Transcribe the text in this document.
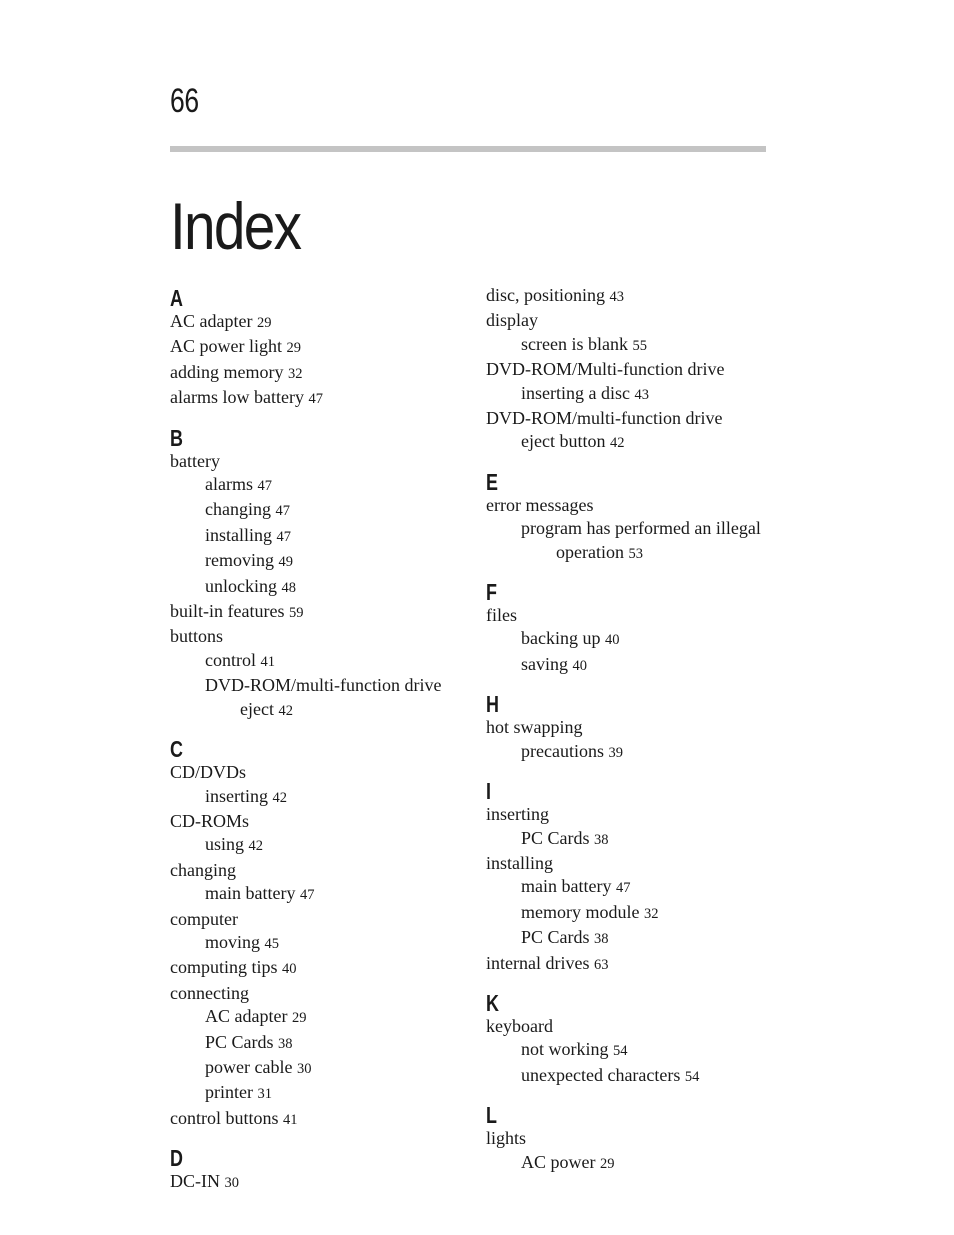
66
Index
A
AC adapter 29
AC power light 29
adding memory 32
alarms low battery 47
B
battery
alarms 47
changing 47
installing 47
removing 49
unlocking 48
built-in features 59
buttons
control 41
DVD-ROM/multi-function drive
eject 42
C
CD/DVDs
inserting 42
CD-ROMs
using 42
changing
main battery 47
computer
moving 45
computing tips 40
connecting
AC adapter 29
PC Cards 38
power cable 30
printer 31
control buttons 41
D
DC-IN 30
disc, positioning 43
display
screen is blank 55
DVD-ROM/Multi-function drive
inserting a disc 43
DVD-ROM/multi-function drive
eject button 42
E
error messages
program has performed an illegal
operation 53
F
files
backing up 40
saving 40
H
hot swapping
precautions 39
I
inserting
PC Cards 38
installing
main battery 47
memory module 32
PC Cards 38
internal drives 63
K
keyboard
not working 54
unexpected characters 54
L
lights
AC power 29
